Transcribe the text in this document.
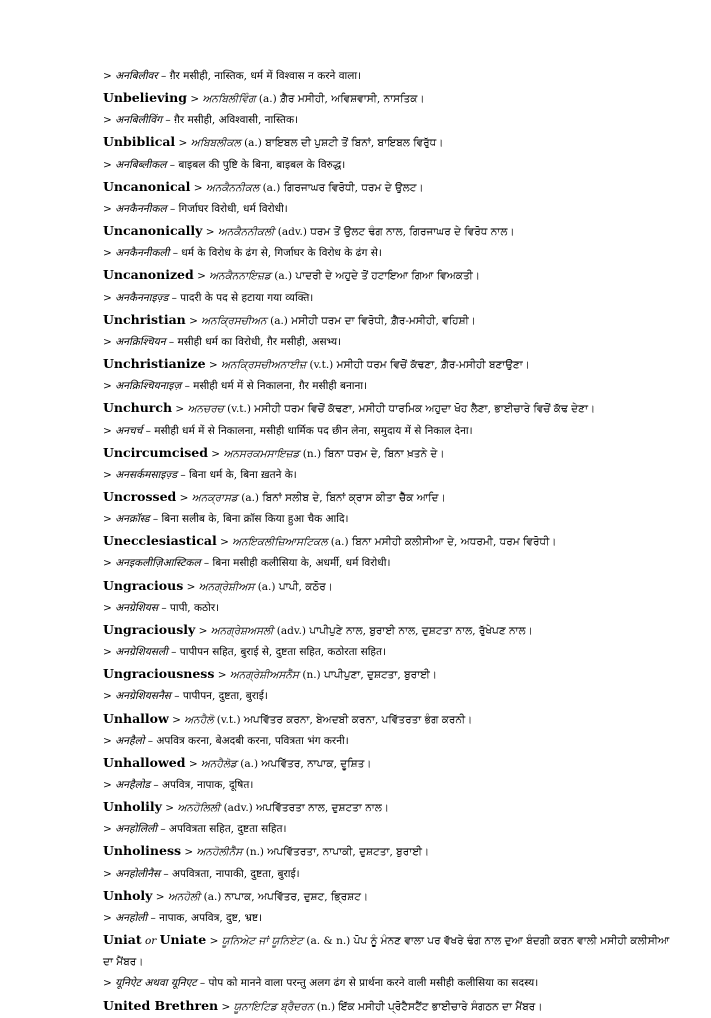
> अनबिलीवर – ग़ैर मसीही, नास्तिक, धर्म में विश्वास न करने वाला।
Unbelieving > ਅਨਬਿਲੀਵਿੰਗ (a.) ਗ਼ੈਰ ਮਸੀਹੀ, ਅਵਿਸ਼ਵਾਸੀ, ਨਾਸਤਿਕ।
> अनबिलीविंग – ग़ैर मसीही, अविश्वासी, नास्तिक।
Unbiblical > ਅਬਿਬਲੀਕਲ (a.) ਬਾਇਬਲ ਦੀ ਪੁਸ਼ਟੀ ਤੋਂ ਬਿਨਾਂ, ਬਾਇਬਲ ਵਿਰੁੱਧ।
> अनबिब्लीकल – बाइबल की पुष्टि के बिना, बाइबल के विरुद्ध।
Uncanonical > ਅਨਕੈਨਨੀਕਲ (a.) ਗਿਰਜਾਘਰ ਵਿਰੋਧੀ, ਧਰਮ ਦੇ ਉਲਟ।
> अनकैननीकल – गिर्जाघर विरोधी, धर्म विरोधी।
Uncanonically > ਅਨਕੈਨਨੀਕਲੀ (adv.) ਧਰਮ ਤੋਂ ਉਲਟ ਢੰਗ ਨਾਲ, ਗਿਰਜਾਘਰ ਦੇ ਵਿਰੋਧ ਨਾਲ।
> अनकैननीकली – धर्म के विरोध के ढंग से, गिर्जाघर के विरोध के ढंग से।
Uncanonized > ਅਨਕੈਨਨਾਇਜ਼ਡ (a.) ਪਾਦਰੀ ਦੇ ਅਹੁਦੇ ਤੋਂ ਹਟਾਇਆ ਗਿਆ ਵਿਅਕਤੀ।
> अनकैननाइज़्ड – पादरी के पद से हटाया गया व्यक्ति।
Unchristian > ਅਨਕ੍ਰਿਸਚੀਅਨ (a.) ਮਸੀਹੀ ਧਰਮ ਦਾ ਵਿਰੋਧੀ, ਗ਼ੈਰ-ਮਸੀਹੀ, ਵਹਿਸ਼ੀ।
> अनक्रिश्चियन – मसीही धर्म का विरोधी, ग़ैर मसीही, असभ्य।
Unchristianize > ਅਨਕ੍ਰਿਸਚੀਅਨਾਈਜ਼ (v.t.) ਮਸੀਹੀ ਧਰਮ ਵਿਚੋਂ ਕੱਢਣਾ, ਗ਼ੈਰ-ਮਸੀਹੀ ਬਣਾਉਣਾ।
> अनक्रिश्चियनाइज़ – मसीही धर्म में से निकालना, ग़ैर मसीही बनाना।
Unchurch > ਅਨਚਰਚ (v.t.) ਮਸੀਹੀ ਧਰਮ ਵਿਚੋਂ ਕੱਢਣਾ, ਮਸੀਹੀ ਧਾਰਮਿਕ ਅਹੁਦਾ ਖੋਹ ਲੈਣਾ, ਭਾਈਚਾਰੇ ਵਿਚੋਂ ਕੱਢ ਦੇਣਾ।
> अनचर्च – मसीही धर्म में से निकालना, मसीही धार्मिक पद छीन लेना, समुदाय में से निकाल देना।
Uncircumcised > ਅਨਸਰਕਮਸਾਇਜ਼ਡ (n.) ਬਿਨਾ ਧਰਮ ਦੇ, ਬਿਨਾ ਖ਼ਤਨੇ ਦੇ।
> अनसर्कमसाइज़्ड – बिना धर्म के, बिना ख़तने के।
Uncrossed > ਅਨਕ੍ਰਾਸਡ (a.) ਬਿਨਾਂ ਸਲੀਬ ਦੇ, ਬਿਨਾਂ ਕ੍ਰਾਸ ਕੀਤਾ ਚੈੱਕ ਆਦਿ।
> अनक्रॉस्ड – बिना सलीब के, बिना क्रॉस किया हुआ चैक आदि।
Unecclesiastical > ਅਨਇਕਲੀਜ਼ਿਆਸਟਿਕਲ (a.) ਬਿਨਾ ਮਸੀਹੀ ਕਲੀਸੀਆ ਦੇ, ਅਧਰਮੀ, ਧਰਮ ਵਿਰੋਧੀ।
> अनइकलीज़िआस्टिकल – बिना मसीही कलीसिया के, अधर्मी, धर्म विरोधी।
Ungracious > ਅਨਗ੍ਰੇਸ਼ੀਅਸ (a.) ਪਾਪੀ, ਕਠੋਰ।
> अनग्रेशियस – पापी, कठोर।
Ungraciously > ਅਨਗ੍ਰੇਸ਼ਅਸਲੀ (adv.) ਪਾਪੀਪੁਣੇ ਨਾਲ, ਬੁਰਾਈ ਨਾਲ, ਦੁਸ਼ਟਤਾ ਨਾਲ, ਰੁੱਖੇਪਣ ਨਾਲ।
> अनग्रेशियसली – पापीपन सहित, बुराई से, दुष्टता सहित, कठोरता सहित।
Ungraciousness > ਅਨਗ੍ਰੇਸ਼ੀਅਸਨੈੱਸ (n.) ਪਾਪੀਪੁਣਾ, ਦੁਸ਼ਟਤਾ, ਬੁਰਾਈ।
> अनग्रेशियसनैस – पापीपन, दुष्टता, बुराई।
Unhallow > ਅਨਹੈਲੋ (v.t.) ਅਪਵਿੱਤਰ ਕਰਨਾ, ਬੇਅਦਬੀ ਕਰਨਾ, ਪਵਿੱਤਰਤਾ ਭੰਗ ਕਰਨੀ।
> अनहैलो – अपवित्र करना, बेअदबी करना, पवित्रता भंग करनी।
Unhallowed > ਅਨਹੈਲੋਡ (a.) ਅਪਵਿੱਤਰ, ਨਾਪਾਕ, ਦੂਸ਼ਿਤ।
> अनहैलोड – अपवित्र, नापाक, दूषित।
Unholily > ਅਨਹੋਲਿਲੀ (adv.) ਅਪਵਿੱਤਰਤਾ ਨਾਲ, ਦੁਸ਼ਟਤਾ ਨਾਲ।
> अनहोलिली – अपवित्रता सहित, दुष्टता सहित।
Unholiness > ਅਨਹੋਲੀਨੈੱਸ (n.) ਅਪਵਿੱਤਰਤਾ, ਨਾਪਾਕੀ, ਦੁਸ਼ਟਤਾ, ਬੁਰਾਈ।
> अनहोलीनैस – अपवित्रता, नापाकी, दुष्टता, बुराई।
Unholy > ਅਨਹੋਲੀ (a.) ਨਾਪਾਕ, ਅਪਵਿੱਤਰ, ਦੁਸ਼ਟ, ਭ੍ਰਿਸ਼ਟ।
> अनहोली – नापाक, अपवित्र, दुष्ट, भ्रष्ट।
Uniat or Uniate > ਯੂਨਿਅੇਟ ਜਾਂ ਯੂਨਿਏਟ (a. & n.) ਪੋਪ ਨੂੰ ਮੰਨਣ ਵਾਲਾ ਪਰ ਵੱਖਰੇ ਢੰਗ ਨਾਲ ਦੁਆ ਬੰਦਗੀ ਕਰਨ ਵਾਲੀ ਮਸੀਹੀ ਕਲੀਸੀਆ ਦਾ ਮੈਂਬਰ।
> यूनिऐट अथवा यूनिएट – पोप को मानने वाला परन्तु अलग ढंग से प्रार्थना करने वाली मसीही कलीसिया का सदस्य।
United Brethren > ਯੂਨਾਇਟਿਡ ਬ੍ਰੈਦਰਨ (n.) ਇੱਕ ਮਸੀਹੀ ਪ੍ਰੋਟੈਸਟੈਂਟ ਭਾਈਚਾਰੇ ਸੰਗਠਨ ਦਾ ਮੈਂਬਰ।
